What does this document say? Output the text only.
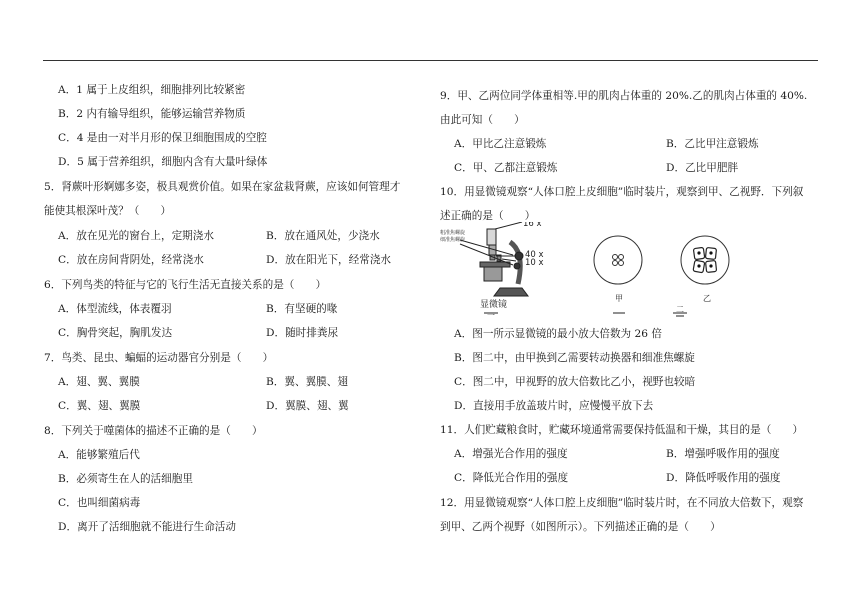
A．1 属于上皮组织，细胞排列比较紧密
B．2 内有输导组织，能够运输营养物质
C．4 是由一对半月形的保卫细胞围成的空腔
D．5 属于营养组织，细胞内含有大量叶绿体
5．肾蕨叶形婀娜多姿，极具观赏价值。如果在家盆栽肾蕨，应该如何管理才
能使其根深叶茂？（　　）
A．放在见光的窗台上，定期浇水	B．放在通风处，少浇水
C．放在房间背阴处，经常浇水	D．放在阳光下，经常浇水
6．下列鸟类的特征与它的飞行生活无直接关系的是（　　）
A．体型流线，体表覆羽	B．有坚硬的喙
C．胸骨突起，胸肌发达	D．随时排粪尿
7．鸟类、昆虫、蝙蝠的运动器官分别是（　　）
A．翅、翼、翼膜	B．翼、翼膜、翅
C．翼、翅、翼膜	D．翼膜、翅、翼
8．下列关于噬菌体的描述不正确的是（　　）
A．能够繁殖后代
B．必须寄生在人的活细胞里
C．也叫细菌病毒
D．离开了活细胞就不能进行生命活动
9．甲、乙两位同学体重相等.甲的肌肉占体重的 20%.乙的肌肉占体重的 40%.
由此可知（　　）
A．甲比乙注意锻炼	B．乙比甲注意锻炼
C．甲、乙都注意锻炼	D．乙比甲肥胖
10．用显微镜观察“人体口腔上皮细胞”临时装片，观察到甲、乙视野．下列叙
述正确的是（　　）
16 x
40 x
10 x
粗准焦螺旋
细准焦螺旋
显微镜
甲	乙
一
二
A．图一所示显微镜的最小放大倍数为 26 倍
B．图二中，由甲换到乙需要转动换器和细准焦螺旋
C．图二中，甲视野的放大倍数比乙小，视野也较暗
D．直接用手放盖玻片时，应慢慢平放下去
11．人们贮藏粮食时，贮藏环境通常需要保持低温和干燥，其目的是（　　）
A．增强光合作用的强度	B．增强呼吸作用的强度
C．降低光合作用的强度	D．降低呼吸作用的强度
12．用显微镜观察“人体口腔上皮细胞”临时装片时，在不同放大倍数下，观察
到甲、乙两个视野（如图所示）。下列描述正确的是（　　）
